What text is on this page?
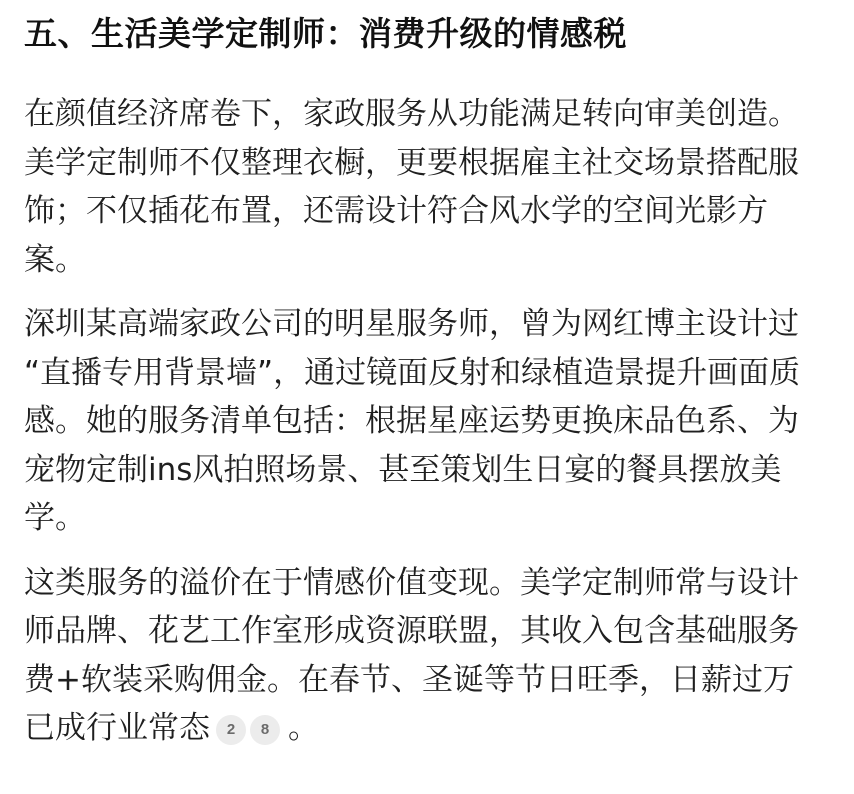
五、生活美学定制师：消费升级的情感税

在颜值经济席卷下，家政服务从功能满足转向审美创造。
美学定制师不仅整理衣橱，更要根据雇主社交场景搭配服
饰；不仅插花布置，还需设计符合风水学的空间光影方
案。

深圳某高端家政公司的明星服务师，曾为网红博主设计过
“直播专用背景墙”，通过镜面反射和绿植造景提升画面质
感。她的服务清单包括：根据星座运势更换床品色系、为
宠物定制ins风拍照场景、甚至策划生日宴的餐具摆放美
学。

这类服务的溢价在于情感价值变现。美学定制师常与设计
师品牌、花艺工作室形成资源联盟，其收入包含基础服务
费+软装采购佣金。在春节、圣诞等节日旺季，日薪过万
已成行业常态 2 8 。
